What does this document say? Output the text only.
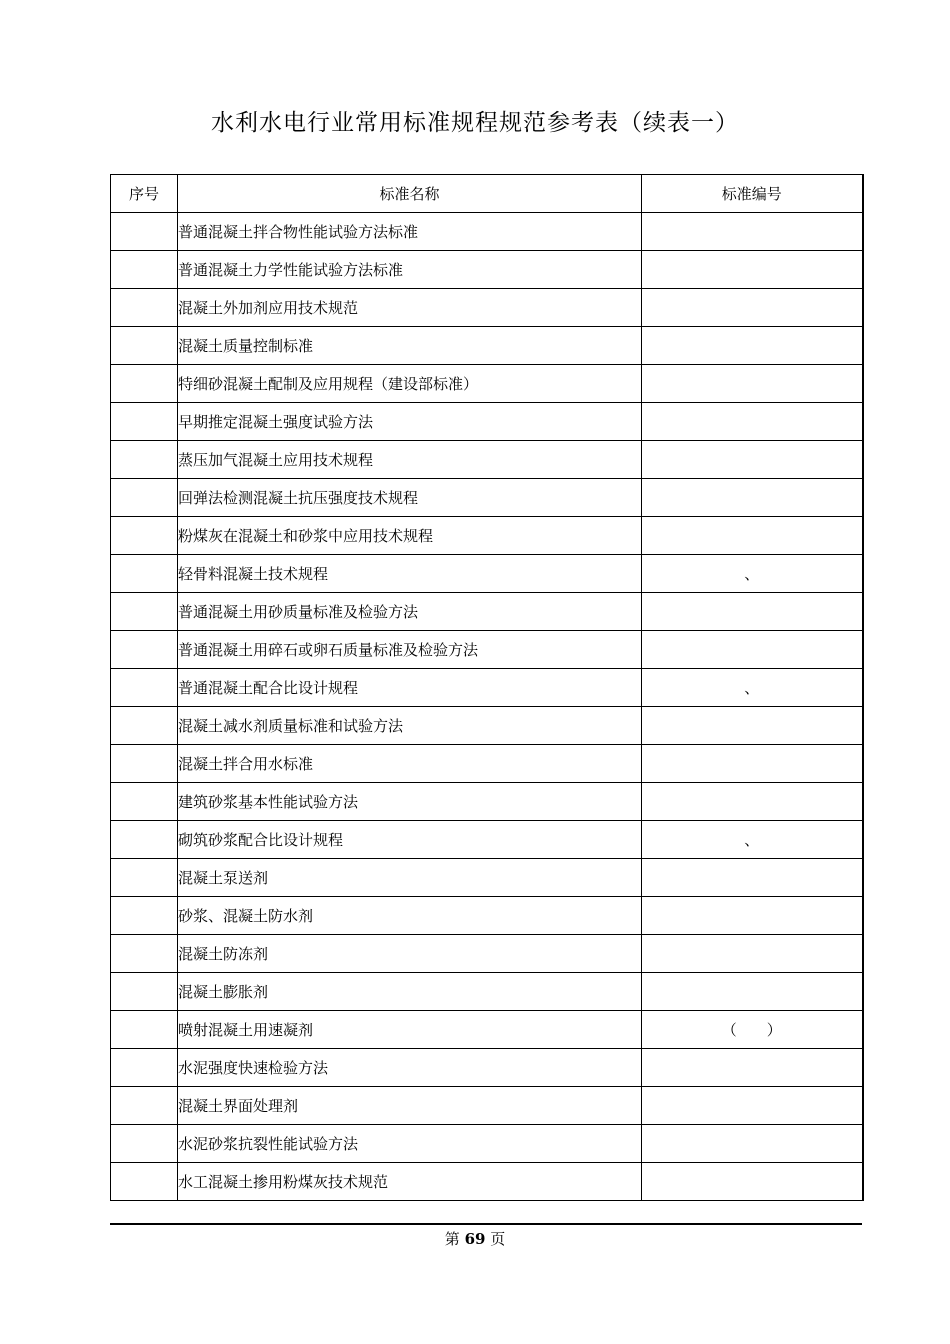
水利水电行业常用标准规程规范参考表（续表一）
序号	标准名称	标准编号
	普通混凝土拌合物性能试验方法标准	
	普通混凝土力学性能试验方法标准	
	混凝土外加剂应用技术规范	
	混凝土质量控制标准	
	特细砂混凝土配制及应用规程（建设部标准）	
	早期推定混凝土强度试验方法	
	蒸压加气混凝土应用技术规程	
	回弹法检测混凝土抗压强度技术规程	
	粉煤灰在混凝土和砂浆中应用技术规程	
	轻骨料混凝土技术规程	、
	普通混凝土用砂质量标准及检验方法	
	普通混凝土用碎石或卵石质量标准及检验方法	
	普通混凝土配合比设计规程	、
	混凝土减水剂质量标准和试验方法	
	混凝土拌合用水标准	
	建筑砂浆基本性能试验方法	
	砌筑砂浆配合比设计规程	、
	混凝土泵送剂	
	砂浆、混凝土防水剂	
	混凝土防冻剂	
	混凝土膨胀剂	
	喷射混凝土用速凝剂	（　　）
	水泥强度快速检验方法	
	混凝土界面处理剂	
	水泥砂浆抗裂性能试验方法	
	水工混凝土掺用粉煤灰技术规范	
第 69 页
